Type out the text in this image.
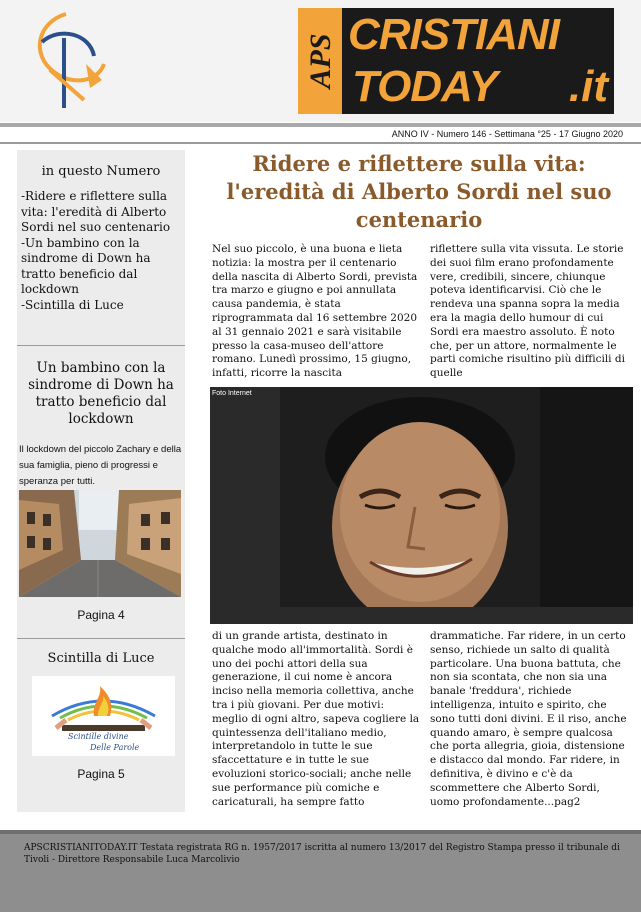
APS CRISTIANI
TODAY .it
ANNO IV - Numero 146 - Settimana °25 - 17 Giugno 2020
in questo Numero
-Ridere e riflettere sulla vita: l'eredità di Alberto Sordi nel suo centenario
-Un bambino con la sindrome di Down ha tratto beneficio dal lockdown
-Scintilla di Luce
Un bambino con la sindrome di Down ha tratto beneficio dal lockdown
Il lockdown del piccolo Zachary e della sua famiglia, pieno di progressi e speranza per tutti.
Pagina 4
Scintilla di Luce
Scintille divine
Delle Parole
Pagina 5
Ridere e riflettere sulla vita: l'eredità di Alberto Sordi nel suo centenario

Nel suo piccolo, è una buona e lieta notizia: la mostra per il centenario della nascita di Alberto Sordi, prevista tra marzo e giugno e poi annullata causa pandemia, è stata riprogrammata dal 16 settembre 2020 al 31 gennaio 2021 e sarà visitabile presso la casa-museo dell'attore romano. Lunedì prossimo, 15 giugno, infatti, ricorre la nascita

riflettere sulla vita vissuta. Le storie dei suoi film erano profondamente vere, credibili, sincere, chiunque poteva identificarvisi. Ciò che le rendeva una spanna sopra la media era la magia dello humour di cui Sordi era maestro assoluto. È noto che, per un attore, normalmente le parti comiche risultino più difficili di quelle

Foto Internet

di un grande artista, destinato in qualche modo all'immortalità. Sordi è uno dei pochi attori della sua generazione, il cui nome è ancora inciso nella memoria collettiva, anche tra i più giovani. Per due motivi: meglio di ogni altro, sapeva cogliere la quintessenza dell'italiano medio, interpretandolo in tutte le sue sfaccettature e in tutte le sue evoluzioni storico-sociali; anche nelle sue performance più comiche e caricaturali, ha sempre fatto

drammatiche. Far ridere, in un certo senso, richiede un salto di qualità particolare. Una buona battuta, che non sia scontata, che non sia una banale 'freddura', richiede intelligenza, intuito e spirito, che sono tutti doni divini. E il riso, anche quando amaro, è sempre qualcosa che porta allegria, gioia, distensione e distacco dal mondo. Far ridere, in definitiva, è divino e c'è da scommettere che Alberto Sordi, uomo profondamente...pag2

APSCRISTIANITODAY.IT Testata registrata RG n. 1957/2017 iscritta al numero 13/2017 del Registro Stampa presso il tribunale di Tivoli - Direttore Responsabile Luca Marcolivio
